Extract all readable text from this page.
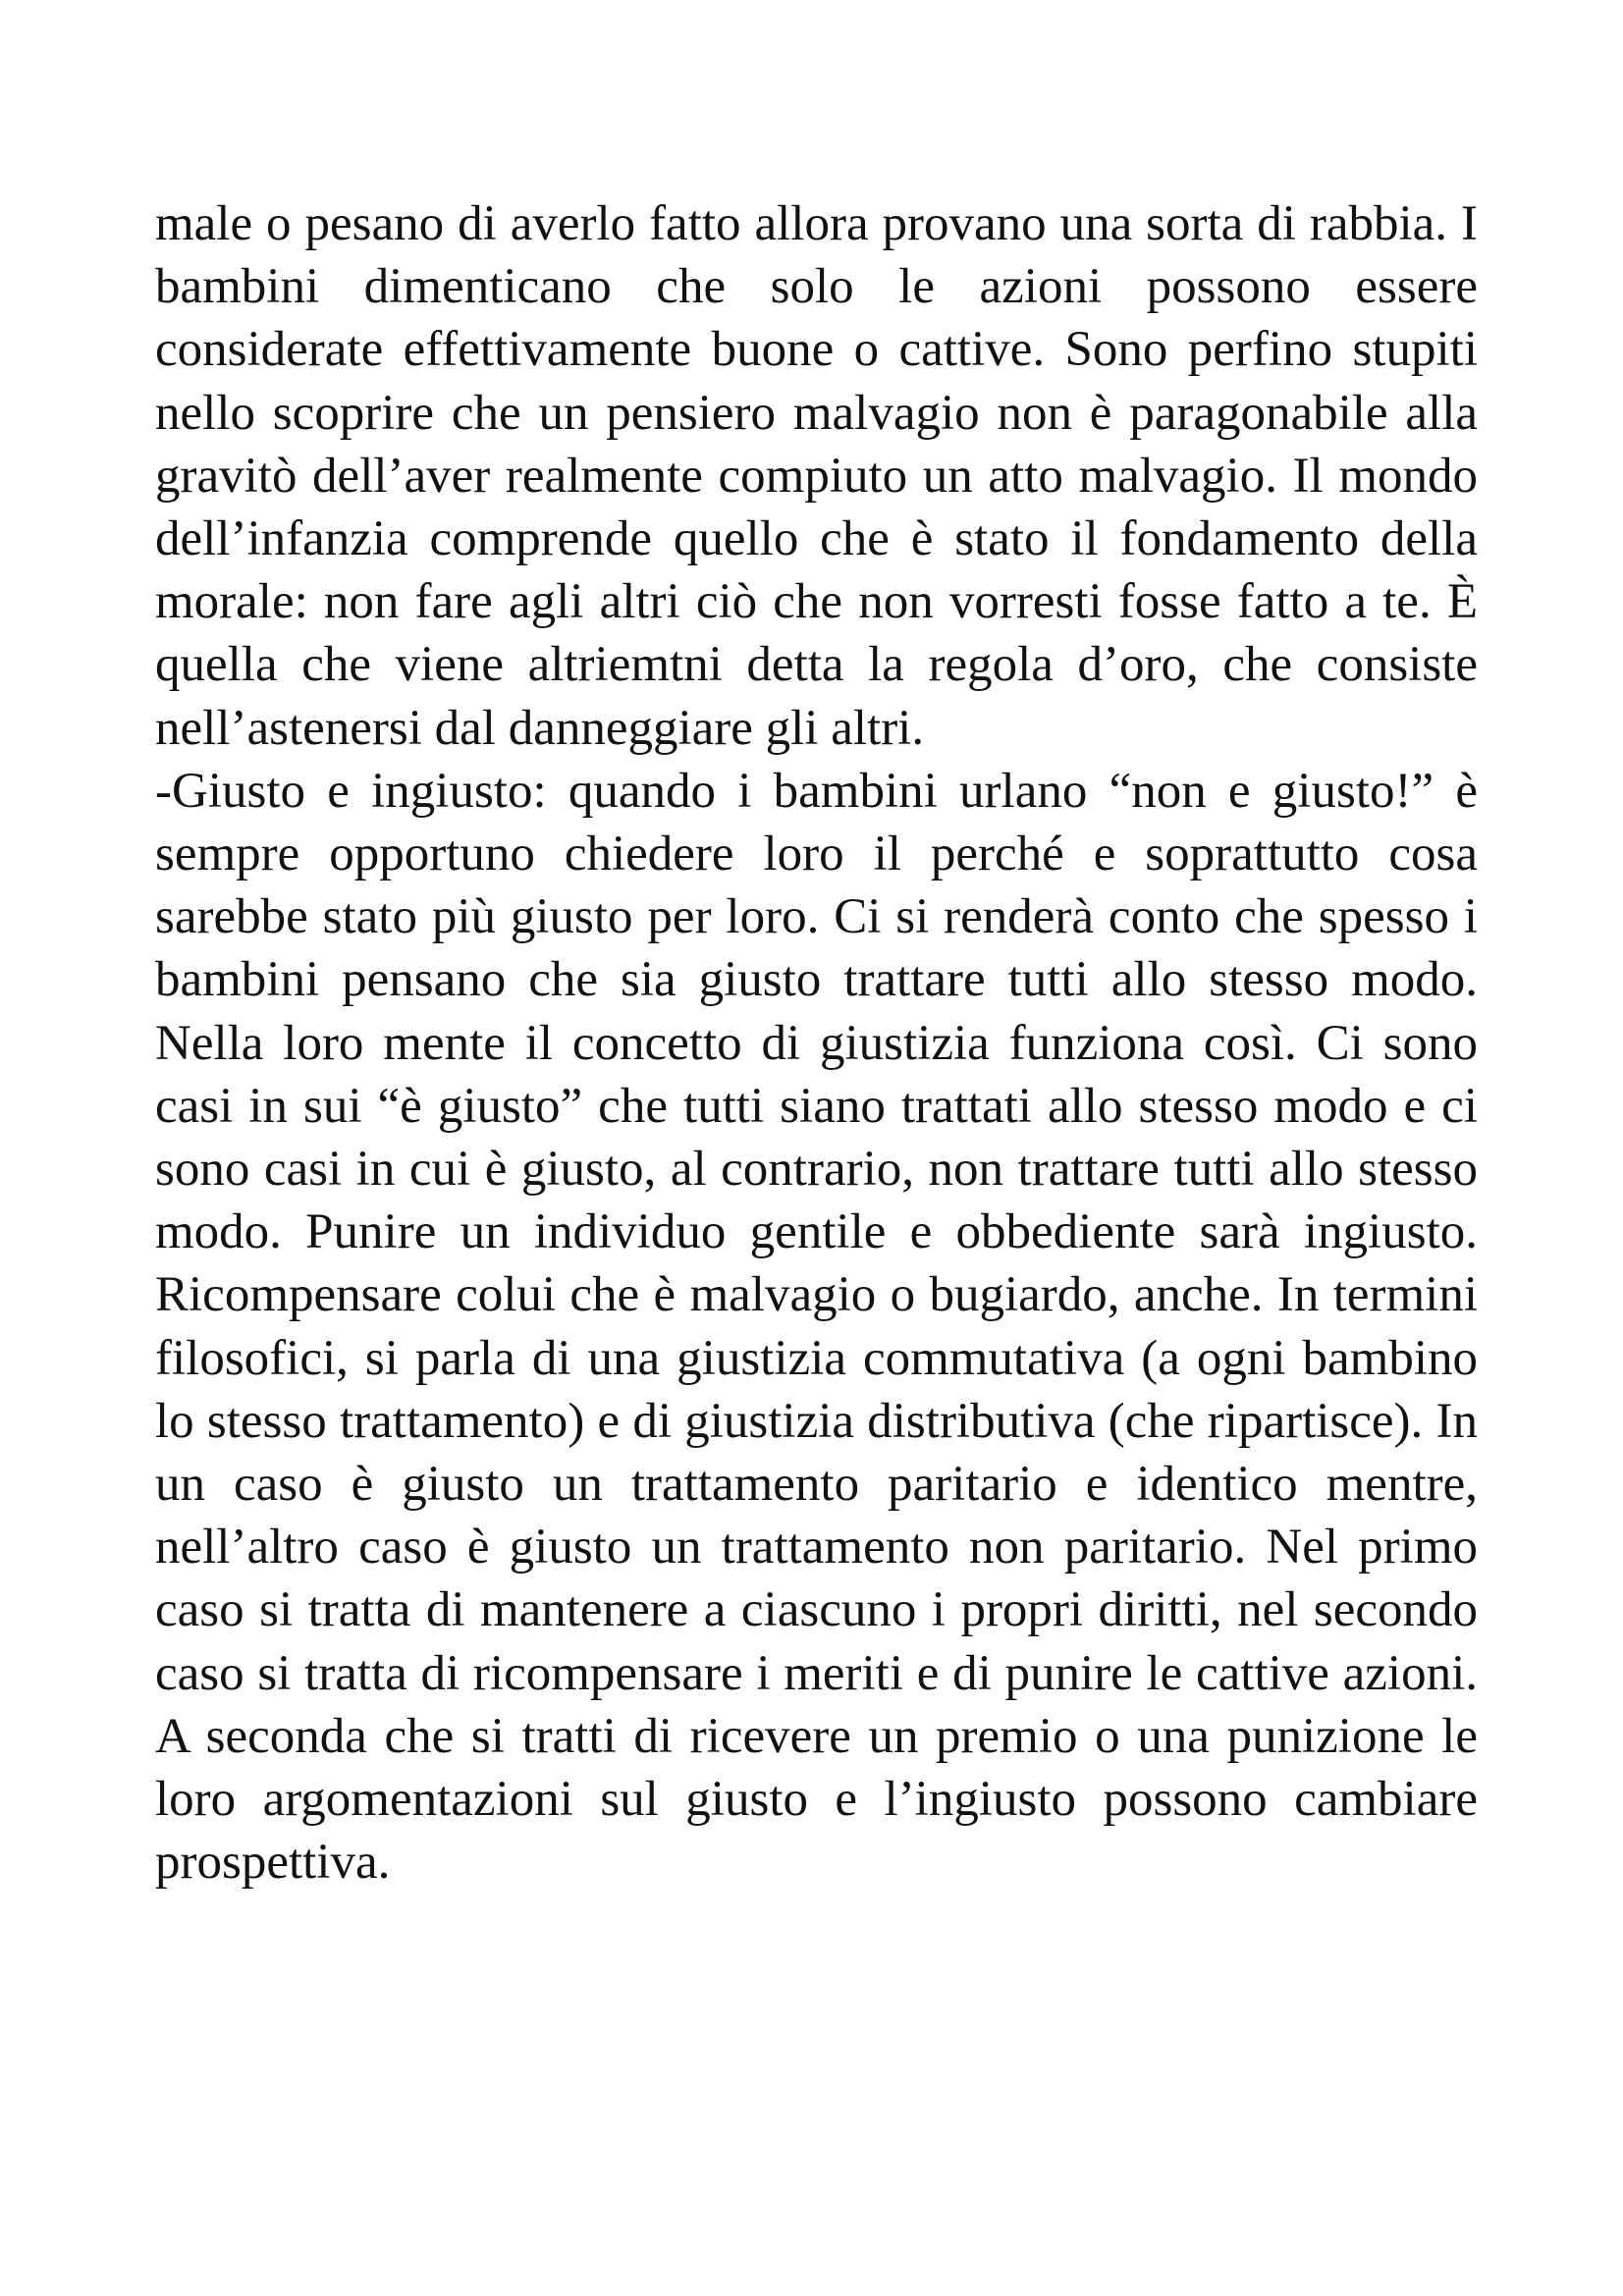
male o pesano di averlo fatto allora provano una sorta di rabbia. I bambini dimenticano che solo le azioni possono essere considerate effettivamente buone o cattive. Sono perfino stupiti nello scoprire che un pensiero malvagio non è paragonabile alla gravitò dell’aver realmente compiuto un atto malvagio. Il mondo dell’infanzia comprende quello che è stato il fondamento della morale: non fare agli altri ciò che non vorresti fosse fatto a te. È quella che viene altriemtni detta la regola d’oro, che consiste nell’astenersi dal danneggiare gli altri.

-Giusto e ingiusto: quando i bambini urlano “non e giusto!” è sempre opportuno chiedere loro il perché e soprattutto cosa sarebbe stato più giusto per loro. Ci si renderà conto che spesso i bambini pensano che sia giusto trattare tutti allo stesso modo. Nella loro mente il concetto di giustizia funziona così. Ci sono casi in sui “è giusto” che tutti siano trattati allo stesso modo e ci sono casi in cui è giusto, al contrario, non trattare tutti allo stesso modo. Punire un individuo gentile e obbediente sarà ingiusto. Ricompensare colui che è malvagio o bugiardo, anche. In termini filosofici, si parla di una giustizia commutativa (a ogni bambino lo stesso trattamento) e di giustizia distributiva (che ripartisce). In un caso è giusto un trattamento paritario e identico mentre, nell’altro caso è giusto un trattamento non paritario. Nel primo caso si tratta di mantenere a ciascuno i propri diritti, nel secondo caso si tratta di ricompensare i meriti e di punire le cattive azioni. A seconda che si tratti di ricevere un premio o una punizione le loro argomentazioni sul giusto e l’ingiusto possono cambiare prospettiva.
